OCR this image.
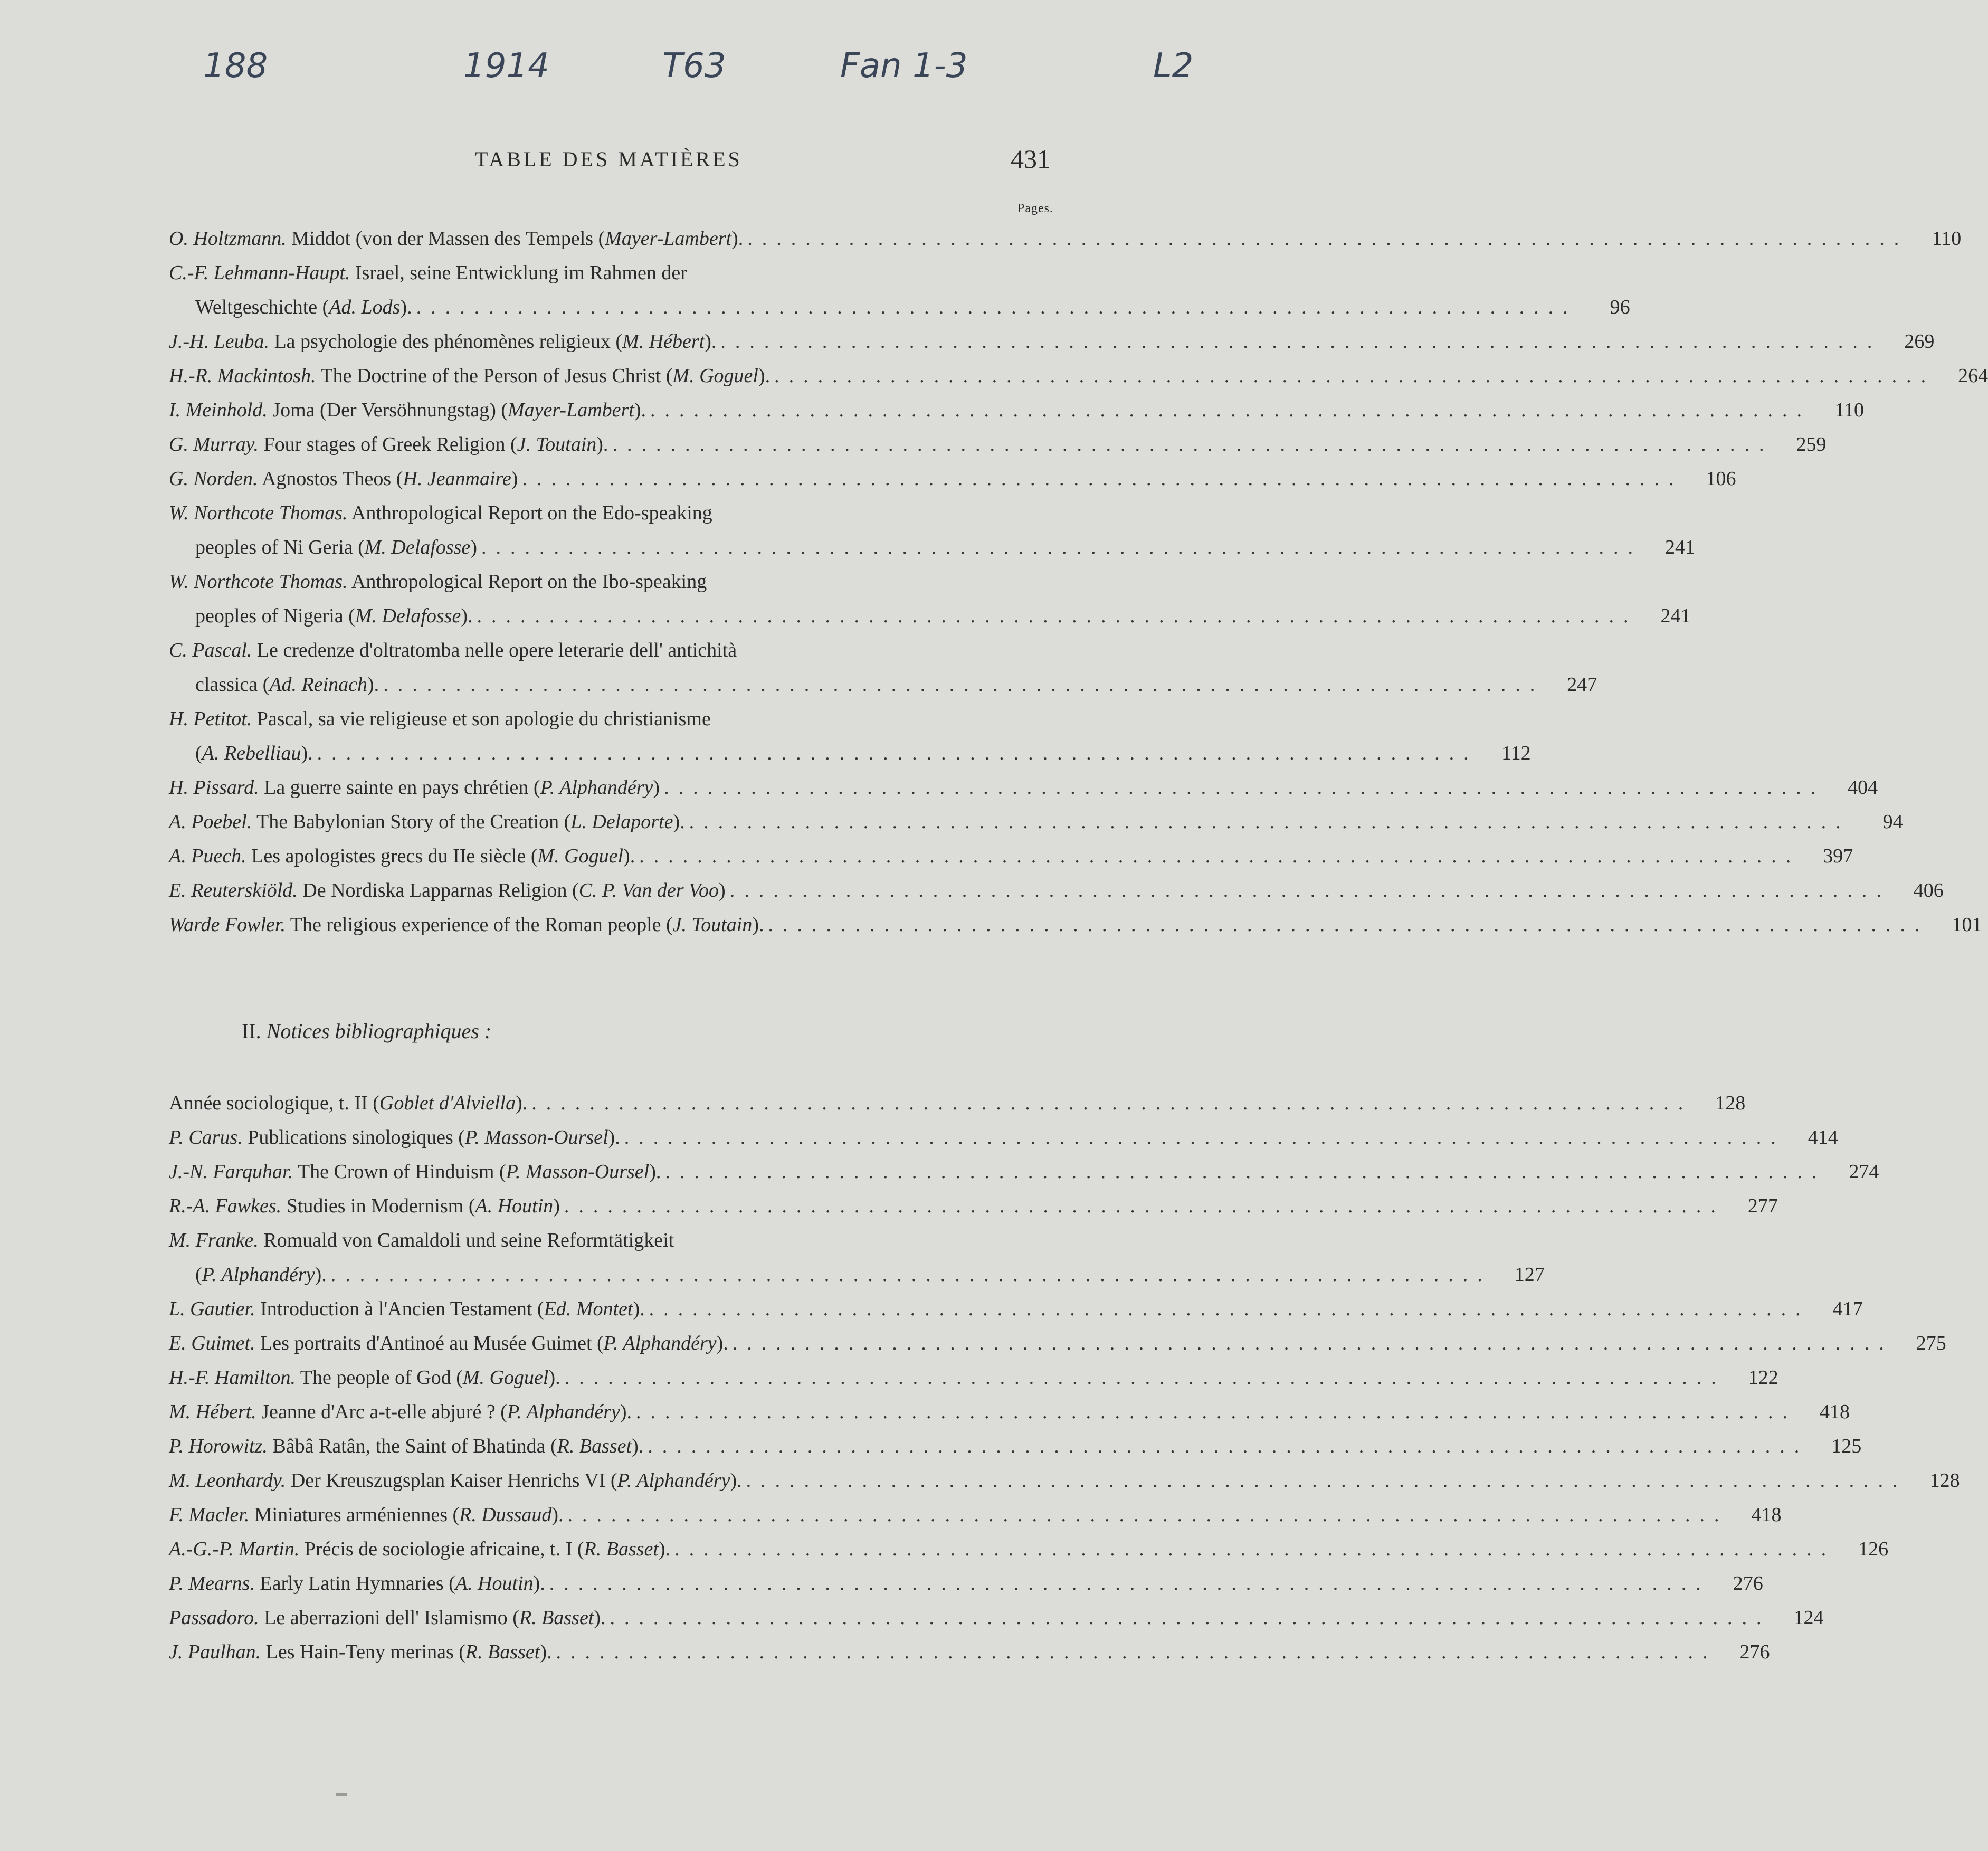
188	1914	T63	Fan 1-3	L2
TABLE DES MATIÈRES	431
Pages.
O. Holtzmann. Middot (von der Massen des Tempels (Mayer-Lambert). ................................................................................	110
C.-F. Lehmann-Haupt. Israel, seine Entwicklung im Rahmen der
Weltgeschichte (Ad. Lods). ................................................................................	96
J.-H. Leuba. La psychologie des phénomènes religieux (M. Hébert). ................................................................................	269
H.-R. Mackintosh. The Doctrine of the Person of Jesus Christ (M. Goguel). ................................................................................	264
I. Meinhold. Joma (Der Versöhnungstag) (Mayer-Lambert). ................................................................................	110
G. Murray. Four stages of Greek Religion (J. Toutain). ................................................................................	259
G. Norden. Agnostos Theos (H. Jeanmaire) ................................................................................	106
W. Northcote Thomas. Anthropological Report on the Edo-speaking
peoples of Ni Geria (M. Delafosse) ................................................................................	241
W. Northcote Thomas. Anthropological Report on the Ibo-speaking
peoples of Nigeria (M. Delafosse). ................................................................................	241
C. Pascal. Le credenze d'oltratomba nelle opere leterarie dell' antichità
classica (Ad. Reinach). ................................................................................	247
H. Petitot. Pascal, sa vie religieuse et son apologie du christianisme
(A. Rebelliau). ................................................................................	112
H. Pissard. La guerre sainte en pays chrétien (P. Alphandéry) ................................................................................	404
A. Poebel. The Babylonian Story of the Creation (L. Delaporte). ................................................................................	94
A. Puech. Les apologistes grecs du IIe siècle (M. Goguel). ................................................................................	397
E. Reuterskiöld. De Nordiska Lapparnas Religion (C. P. Van der Voo) ................................................................................	406
Warde Fowler. The religious experience of the Roman people (J. Toutain). ................................................................................	101
II. Notices bibliographiques :
Année sociologique, t. II (Goblet d'Alviella). ................................................................................	128
P. Carus. Publications sinologiques (P. Masson-Oursel). ................................................................................	414
J.-N. Farquhar. The Crown of Hinduism (P. Masson-Oursel). ................................................................................	274
R.-A. Fawkes. Studies in Modernism (A. Houtin) ................................................................................	277
M. Franke. Romuald von Camaldoli und seine Reformtätigkeit
(P. Alphandéry). ................................................................................	127
L. Gautier. Introduction à l'Ancien Testament (Ed. Montet). ................................................................................	417
E. Guimet. Les portraits d'Antinoé au Musée Guimet (P. Alphandéry). ................................................................................	275
H.-F. Hamilton. The people of God (M. Goguel). ................................................................................	122
M. Hébert. Jeanne d'Arc a-t-elle abjuré ? (P. Alphandéry). ................................................................................	418
P. Horowitz. Bâbâ Ratân, the Saint of Bhatinda (R. Basset). ................................................................................	125
M. Leonhardy. Der Kreuszugsplan Kaiser Henrichs VI (P. Alphandéry). ................................................................................	128
F. Macler. Miniatures arméniennes (R. Dussaud). ................................................................................	418
A.-G.-P. Martin. Précis de sociologie africaine, t. I (R. Basset). ................................................................................	126
P. Mearns. Early Latin Hymnaries (A. Houtin). ................................................................................	276
Passadoro. Le aberrazioni dell' Islamismo (R. Basset). ................................................................................	124
J. Paulhan. Les Hain-Teny merinas (R. Basset). ................................................................................	276
